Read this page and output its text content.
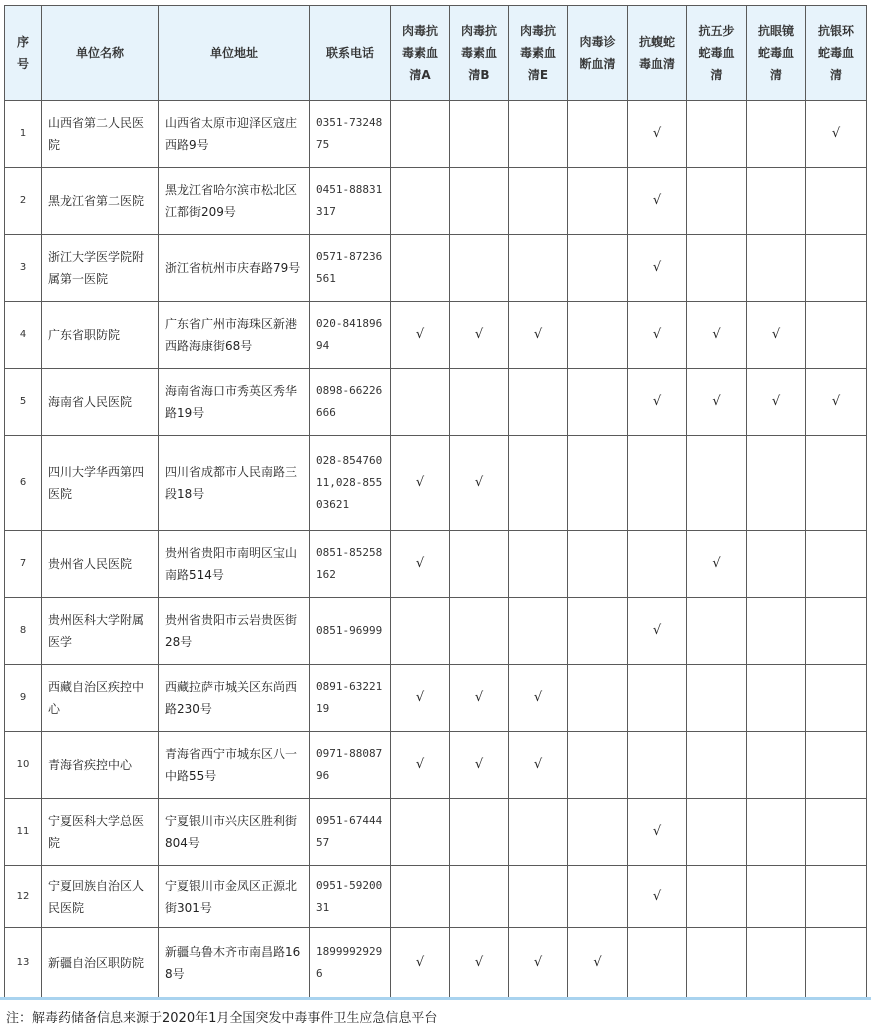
序号	单位名称	单位地址	联系电话	肉毒抗毒素血清A	肉毒抗毒素血清B	肉毒抗毒素血清E	肉毒诊断血清	抗蝮蛇毒血清	抗五步蛇毒血清	抗眼镜蛇毒血清	抗银环蛇毒血清
1	山西省第二人民医院	山西省太原市迎泽区寇庄西路9号	0351-7324875					√			√
2	黑龙江省第二医院	黑龙江省哈尔滨市松北区江都街209号	0451-88831317					√			
3	浙江大学医学院附属第一医院	浙江省杭州市庆春路79号	0571-87236561					√			
4	广东省职防院	广东省广州市海珠区新港西路海康街68号	020-84189694	√	√	√		√	√	√	
5	海南省人民医院	海南省海口市秀英区秀华路19号	0898-66226666					√	√	√	√
6	四川大学华西第四医院	四川省成都市人民南路三段18号	028-85476011,028-85503621	√	√						
7	贵州省人民医院	贵州省贵阳市南明区宝山南路514号	0851-85258162	√					√		
8	贵州医科大学附属医学	贵州省贵阳市云岩贵医街28号	0851-96999					√			
9	西藏自治区疾控中心	西藏拉萨市城关区东尚西路230号	0891-6322119	√	√	√					
10	青海省疾控中心	青海省西宁市城东区八一中路55号	0971-8808796	√	√	√					
11	宁夏医科大学总医院	宁夏银川市兴庆区胜利街804号	0951-6744457					√			
12	宁夏回族自治区人民医院	宁夏银川市金凤区正源北街301号	0951-5920031					√			
13	新疆自治区职防院	新疆乌鲁木齐市南昌路168号	18999929296	√	√	√	√				
注：解毒药储备信息来源于2020年1月全国突发中毒事件卫生应急信息平台
